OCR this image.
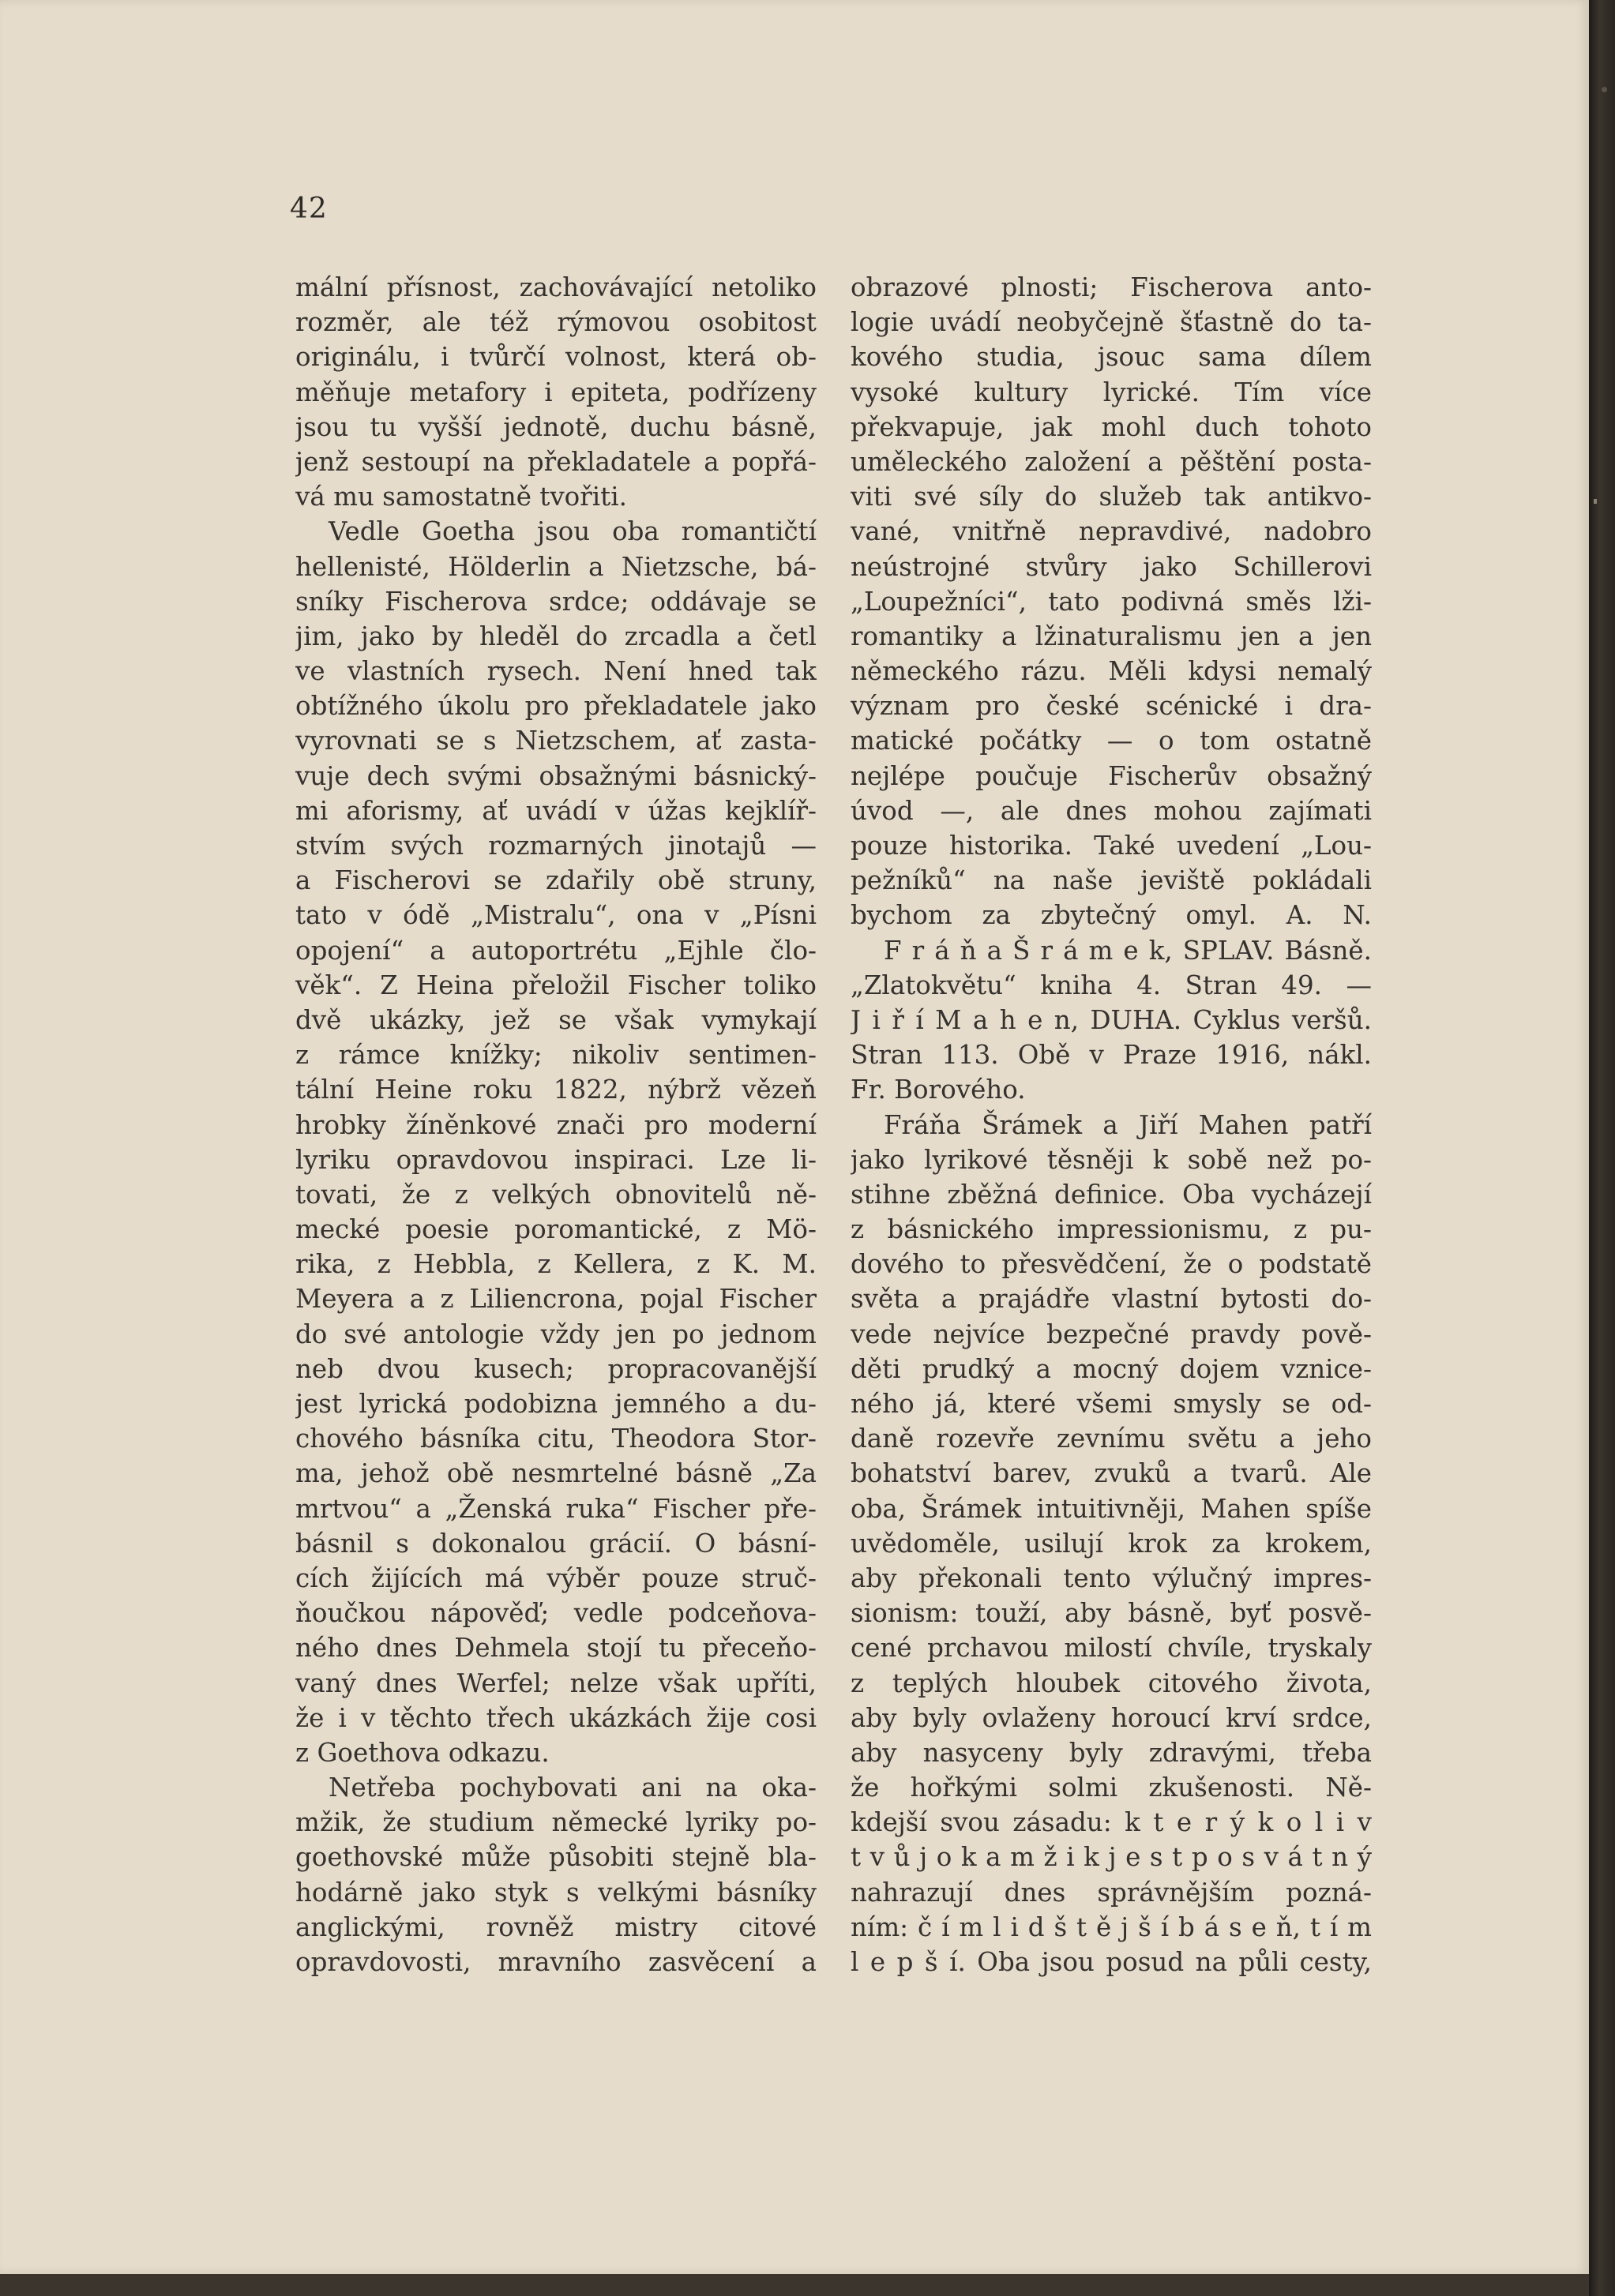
42
mální přísnost, zachovávající netoliko
rozměr, ale též rýmovou osobitost
originálu, i tvůrčí volnost, která ob-
měňuje metafory i epiteta, podřízeny
jsou tu vyšší jednotě, duchu básně,
jenž sestoupí na překladatele a popřá-
vá mu samostatně tvořiti.
Vedle Goetha jsou oba romantičtí
hellenisté, Hölderlin a Nietzsche, bá-
sníky Fischerova srdce; oddávaje se
jim, jako by hleděl do zrcadla a četl
ve vlastních rysech. Není hned tak
obtížného úkolu pro překladatele jako
vyrovnati se s Nietzschem, ať zasta-
vuje dech svými obsažnými básnický-
mi aforismy, ať uvádí v úžas kejklíř-
stvím svých rozmarných jinotajů —
a Fischerovi se zdařily obě struny,
tato v ódě „Mistralu“, ona v „Písni
opojení“ a autoportrétu „Ejhle člo-
věk“. Z Heina přeložil Fischer toliko
dvě ukázky, jež se však vymykají
z rámce knížky; nikoliv sentimen-
tální Heine roku 1822, nýbrž vězeň
hrobky žíněnkové znači pro moderní
lyriku opravdovou inspiraci. Lze li-
tovati, že z velkých obnovitelů ně-
mecké poesie poromantické, z Mö-
rika, z Hebbla, z Kellera, z K. M.
Meyera a z Liliencrona, pojal Fischer
do své antologie vždy jen po jednom
neb dvou kusech; propracovanější
jest lyrická podobizna jemného a du-
chového básníka citu, Theodora Stor-
ma, jehož obě nesmrtelné básně „Za
mrtvou“ a „Ženská ruka“ Fischer pře-
básnil s dokonalou grácií. O básní-
cích žijících má výběr pouze struč-
ňoučkou nápověď; vedle podceňova-
ného dnes Dehmela stojí tu přeceňo-
vaný dnes Werfel; nelze však upříti,
že i v těchto třech ukázkách žije cosi
z Goethova odkazu.
Netřeba pochybovati ani na oka-
mžik, že studium německé lyriky po-
goethovské může působiti stejně bla-
hodárně jako styk s velkými básníky
anglickými, rovněž mistry citové
opravdovosti, mravního zasvěcení a
obrazové plnosti; Fischerova anto-
logie uvádí neobyčejně šťastně do ta-
kového studia, jsouc sama dílem
vysoké kultury lyrické. Tím více
překvapuje, jak mohl duch tohoto
uměleckého založení a pěštění posta-
viti své síly do služeb tak antikvo-
vané, vnitřně nepravdivé, nadobro
neústrojné stvůry jako Schillerovi
„Loupežníci“, tato podivná směs lži-
romantiky a lžinaturalismu jen a jen
německého rázu. Měli kdysi nemalý
význam pro české scénické i dra-
matické počátky — o tom ostatně
nejlépe poučuje Fischerův obsažný
úvod —, ale dnes mohou zajímati
pouze historika. Také uvedení „Lou-
pežníků“ na naše jeviště pokládali
bychom za zbytečný omyl. A. N.
F r á ň a Š r á m e k, SPLAV. Básně.
„Zlatokvětu“ kniha 4. Stran 49. —
J i ř í M a h e n, DUHA. Cyklus veršů.
Stran 113. Obě v Praze 1916, nákl.
Fr. Borového.
Fráňa Šrámek a Jiří Mahen patří
jako lyrikové těsněji k sobě než po-
stihne zběžná definice. Oba vycházejí
z básnického impressionismu, z pu-
dového to přesvědčení, že o podstatě
světa a prajádře vlastní bytosti do-
vede nejvíce bezpečné pravdy pově-
děti prudký a mocný dojem vznice-
ného já, které všemi smysly se od-
daně rozevře zevnímu světu a jeho
bohatství barev, zvuků a tvarů. Ale
oba, Šrámek intuitivněji, Mahen spíše
uvědoměle, usilují krok za krokem,
aby překonali tento výlučný impres-
sionism: touží, aby básně, byť posvě-
cené prchavou milostí chvíle, tryskaly
z teplých hloubek citového života,
aby byly ovlaženy horoucí krví srdce,
aby nasyceny byly zdravými, třeba
že hořkými solmi zkušenosti. Ně-
kdejší svou zásadu: k t e r ý k o l i v
t v ů j o k a m ž i k j e s t p o s v á t n ý
nahrazují dnes správnějším pozná-
ním: č í m l i d š t ě j š í b á s e ň, t í m
l e p š í. Oba jsou posud na půli cesty,
